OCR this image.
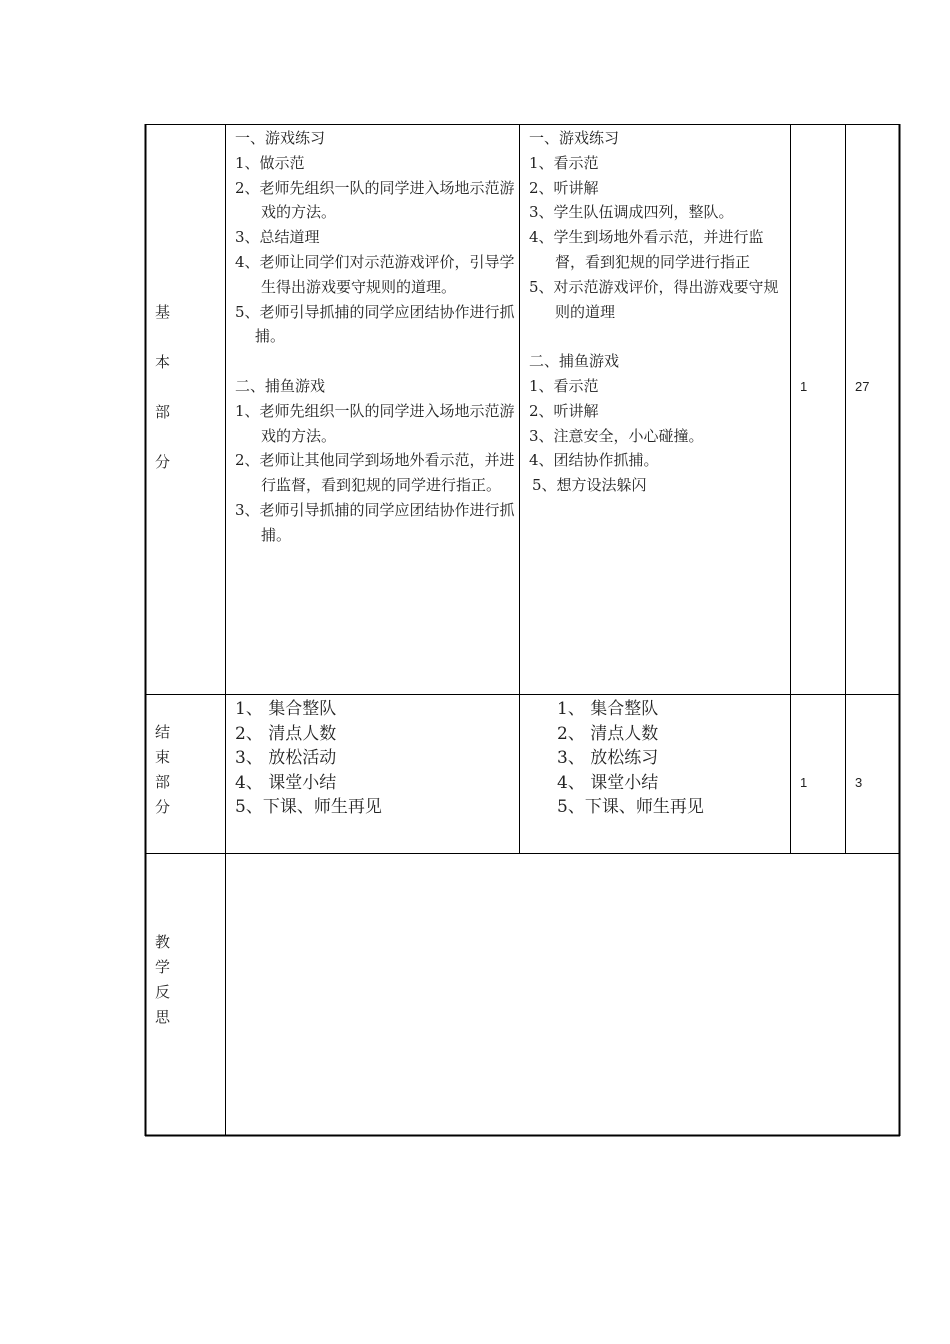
基
本
部
分
一、游戏练习
1、做示范
2、老师先组织一队的同学进入场地示范游戏的方法。
3、总结道理
4、老师让同学们对示范游戏评价，引导学生得出游戏要守规则的道理。
5、老师引导抓捕的同学应团结协作进行抓捕。
二、捕鱼游戏
1、老师先组织一队的同学进入场地示范游戏的方法。
2、老师让其他同学到场地外看示范，并进行监督，看到犯规的同学进行指正。
3、老师引导抓捕的同学应团结协作进行抓捕。
一、游戏练习
1、看示范
2、听讲解
3、学生队伍调成四列，整队。
4、学生到场地外看示范，并进行监督，看到犯规的同学进行指正
5、对示范游戏评价，得出游戏要守规则的道理
二、捕鱼游戏
1、看示范
2、听讲解
3、注意安全，小心碰撞。
4、团结协作抓捕。
5、想方设法躲闪
1	27
结
束
部
分
1、 集合整队
2、 清点人数
3、 放松活动
4、 课堂小结
5、下课、师生再见
1、 集合整队
2、 清点人数
3、 放松练习
4、 课堂小结
5、下课、师生再见
1	3
教
学
反
思
